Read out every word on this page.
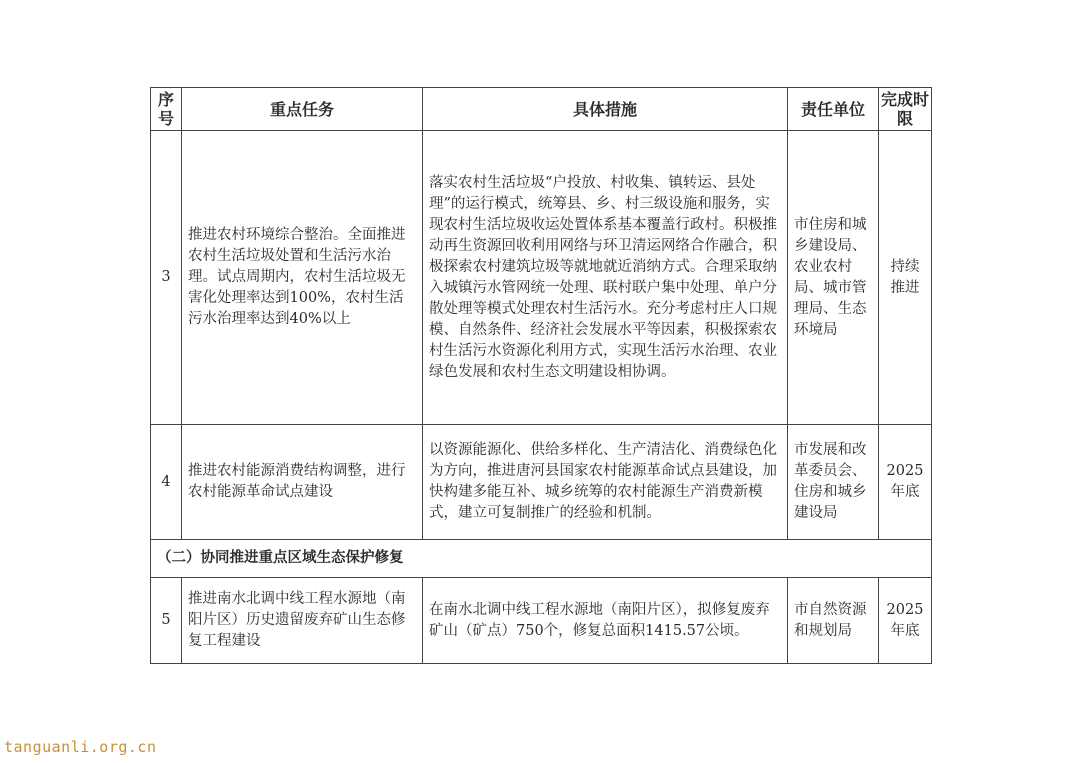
序号	重点任务	具体措施	责任单位	完成时限
3	推进农村环境综合整治。全面推进农村生活垃圾处置和生活污水治理。试点周期内，农村生活垃圾无害化处理率达到100%，农村生活污水治理率达到40%以上	落实农村生活垃圾“户投放、村收集、镇转运、县处理”的运行模式，统筹县、乡、村三级设施和服务，实现农村生活垃圾收运处置体系基本覆盖行政村。积极推动再生资源回收利用网络与环卫清运网络合作融合，积极探索农村建筑垃圾等就地就近消纳方式。合理采取纳入城镇污水管网统一处理、联村联户集中处理、单户分散处理等模式处理农村生活污水。充分考虑村庄人口规模、自然条件、经济社会发展水平等因素，积极探索农村生活污水资源化利用方式，实现生活污水治理、农业绿色发展和农村生态文明建设相协调。	市住房和城乡建设局、农业农村局、城市管理局、生态环境局	持续推进
4	推进农村能源消费结构调整，进行农村能源革命试点建设	以资源能源化、供给多样化、生产清洁化、消费绿色化为方向，推进唐河县国家农村能源革命试点县建设，加快构建多能互补、城乡统筹的农村能源生产消费新模式，建立可复制推广的经验和机制。	市发展和改革委员会、住房和城乡建设局	2025年底
（二）协同推进重点区域生态保护修复				
5	推进南水北调中线工程水源地（南阳片区）历史遗留废弃矿山生态修复工程建设	在南水北调中线工程水源地（南阳片区），拟修复废弃矿山（矿点）750个，修复总面积1415.57公顷。	市自然资源和规划局	2025年底
tanguanli.org.cn
